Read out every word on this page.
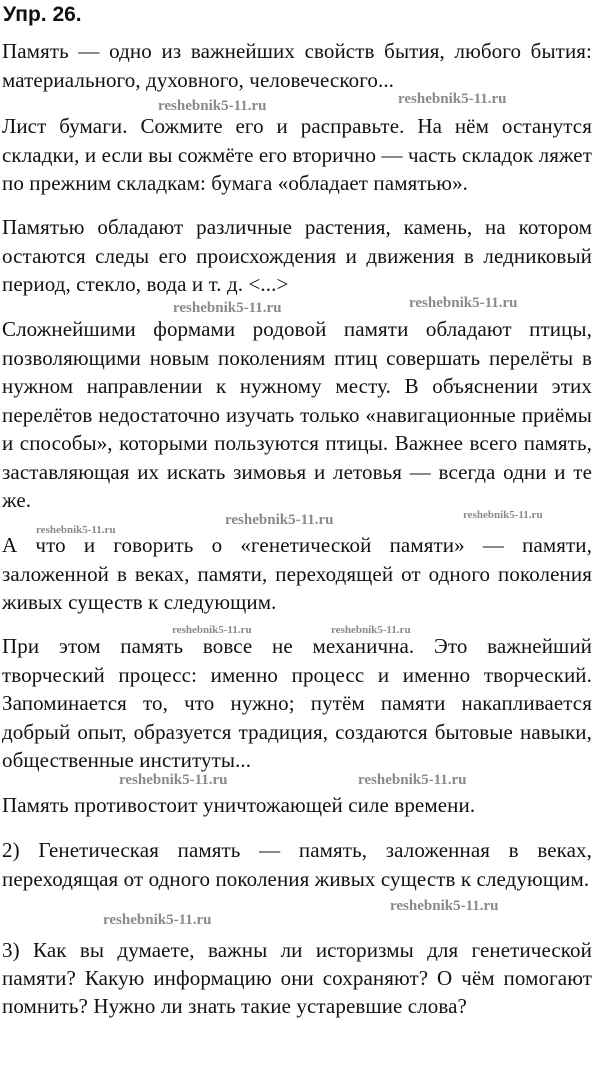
Упр. 26.
Память — одно из важнейших свойств бытия, любого бытия: материального, духовного, человеческого...
Лист бумаги. Сожмите его и расправьте. На нём останутся складки, и если вы сожмёте его вторично — часть складок ляжет по прежним складкам: бумага «обладает памятью».
Памятью обладают различные растения, камень, на котором остаются следы его происхождения и движения в ледниковый период, стекло, вода и т. д. <...>
Сложнейшими формами родовой памяти обладают птицы, позволяющими новым поколениям птиц совершать перелёты в нужном направлении к нужному месту. В объяснении этих перелётов недостаточно изучать только «навигационные приёмы и способы», которыми пользуются птицы. Важнее всего память, заставляющая их искать зимовья и летовья — всегда одни и те же.
А что и говорить о «генетической памяти» — памяти, заложенной в веках, памяти, переходящей от одного поколения живых существ к следующим.
При этом память вовсе не механична. Это важнейший творческий процесс: именно процесс и именно творческий. Запоминается то, что нужно; путём памяти накапливается добрый опыт, образуется традиция, создаются бытовые навыки, общественные институты...
Память противостоит уничтожающей силе времени.
2) Генетическая память — память, заложенная в веках, переходящая от одного поколения живых существ к следующим.
3) Как вы думаете, важны ли историзмы для генетической памяти? Какую информацию они сохраняют? О чём помогают помнить? Нужно ли знать такие устаревшие слова?
reshebnik5-11.ru	reshebnik5-11.ru
reshebnik5-11.ru	reshebnik5-11.ru
reshebnik5-11.ru
reshebnik5-11.ru
reshebnik5-11.ru
reshebnik5-11.ru	reshebnik5-11.ru
reshebnik5-11.ru	reshebnik5-11.ru
reshebnik5-11.ru
reshebnik5-11.ru
